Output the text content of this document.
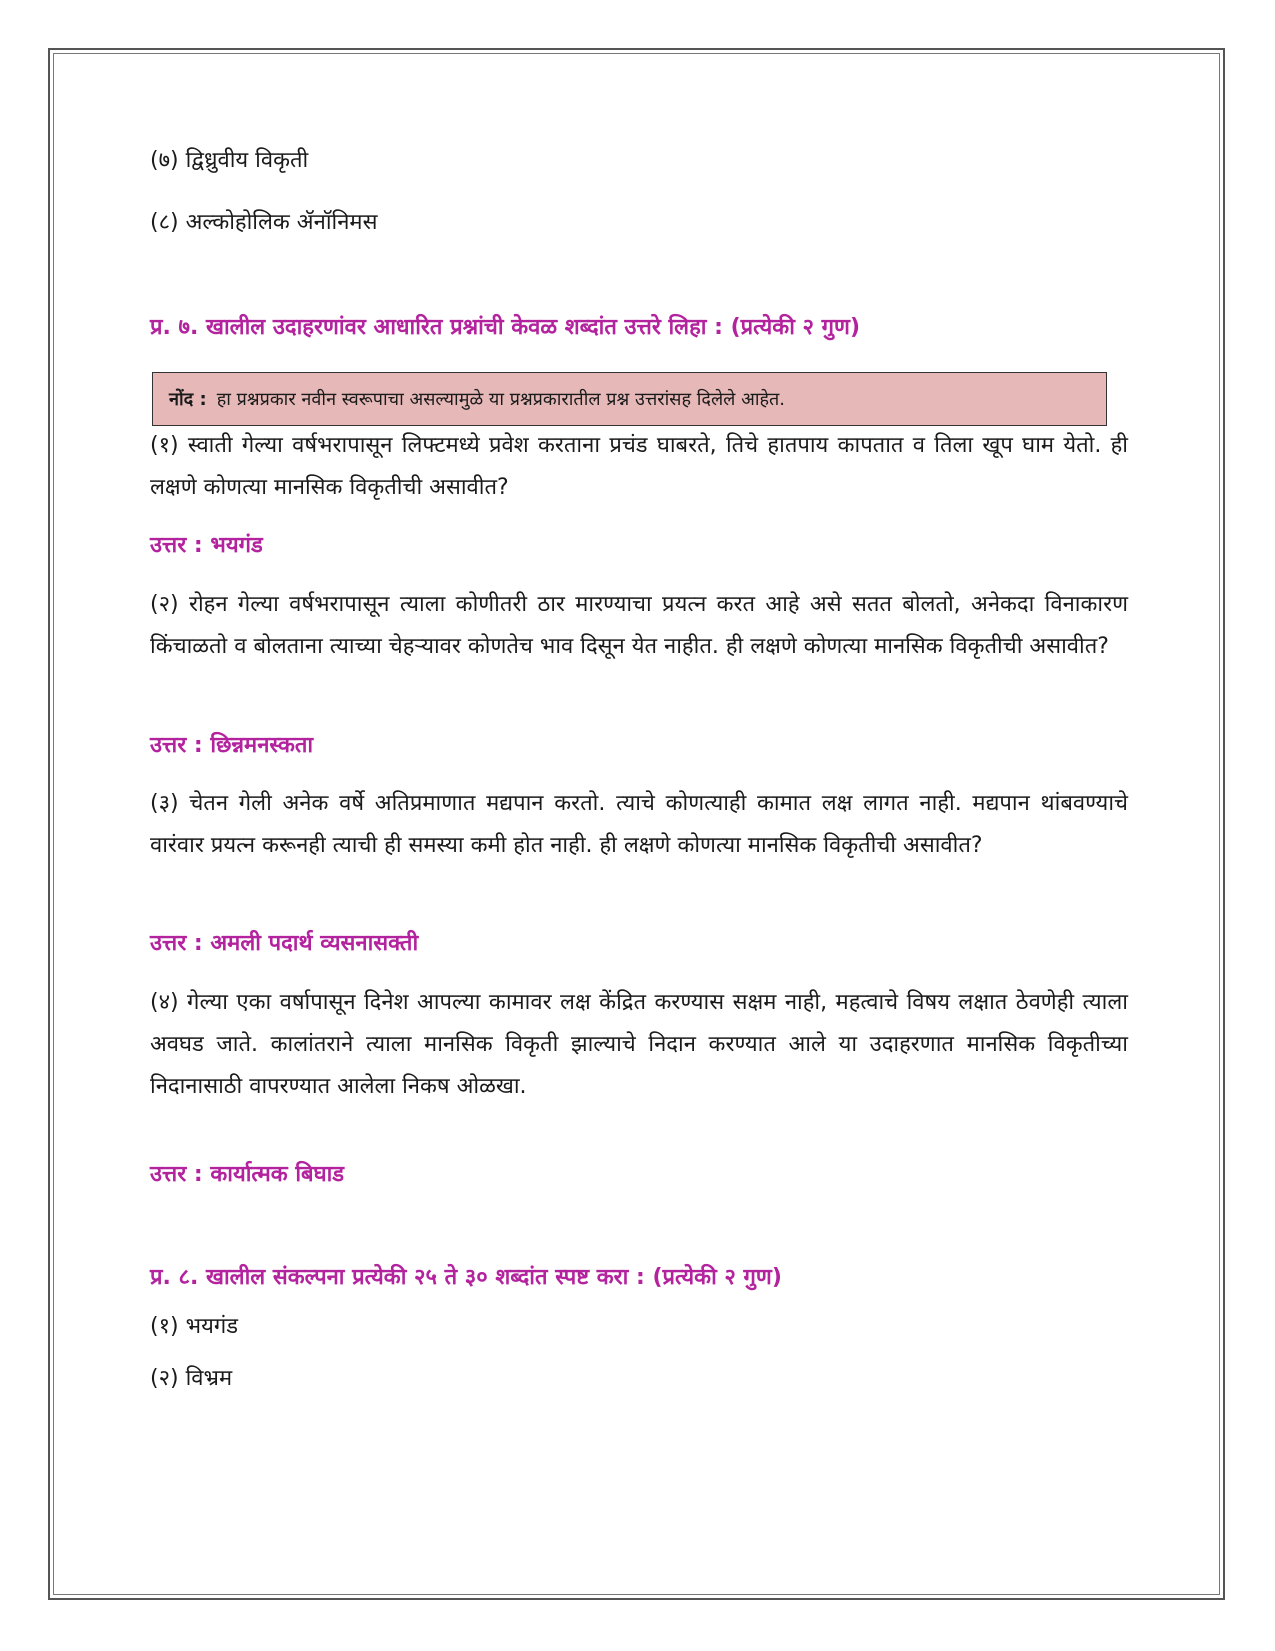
(७) द्विध्रुवीय विकृती
(८) अल्कोहोलिक ॲनॉनिमस
प्र. ७. खालील उदाहरणांवर आधारित प्रश्नांची केवळ शब्दांत उत्तरे लिहा : (प्रत्येकी २ गुण)
नोंद : हा प्रश्नप्रकार नवीन स्वरूपाचा असल्यामुळे या प्रश्नप्रकारातील प्रश्न उत्तरांसह दिलेले आहेत.
(१) स्वाती गेल्या वर्षभरापासून लिफ्टमध्ये प्रवेश करताना प्रचंड घाबरते, तिचे हातपाय कापतात व तिला खूप घाम येतो. ही लक्षणे कोणत्या मानसिक विकृतीची असावीत?
उत्तर : भयगंड
(२) रोहन गेल्या वर्षभरापासून त्याला कोणीतरी ठार मारण्याचा प्रयत्न करत आहे असे सतत बोलतो, अनेकदा विनाकारण किंचाळतो व बोलताना त्याच्या चेहऱ्यावर कोणतेच भाव दिसून येत नाहीत. ही लक्षणे कोणत्या मानसिक विकृतीची असावीत?
उत्तर : छिन्नमनस्कता
(३) चेतन गेली अनेक वर्षे अतिप्रमाणात मद्यपान करतो. त्याचे कोणत्याही कामात लक्ष लागत नाही. मद्यपान थांबवण्याचे वारंवार प्रयत्न करूनही त्याची ही समस्या कमी होत नाही. ही लक्षणे कोणत्या मानसिक विकृतीची असावीत?
उत्तर : अमली पदार्थ व्यसनासक्ती
(४) गेल्या एका वर्षापासून दिनेश आपल्या कामावर लक्ष केंद्रित करण्यास सक्षम नाही, महत्वाचे विषय लक्षात ठेवणेही त्याला अवघड जाते. कालांतराने त्याला मानसिक विकृती झाल्याचे निदान करण्यात आले या उदाहरणात मानसिक विकृतीच्या निदानासाठी वापरण्यात आलेला निकष ओळखा.
उत्तर : कार्यात्मक बिघाड
प्र. ८. खालील संकल्पना प्रत्येकी २५ ते ३० शब्दांत स्पष्ट करा : (प्रत्येकी २ गुण)
(१) भयगंड
(२) विभ्रम
